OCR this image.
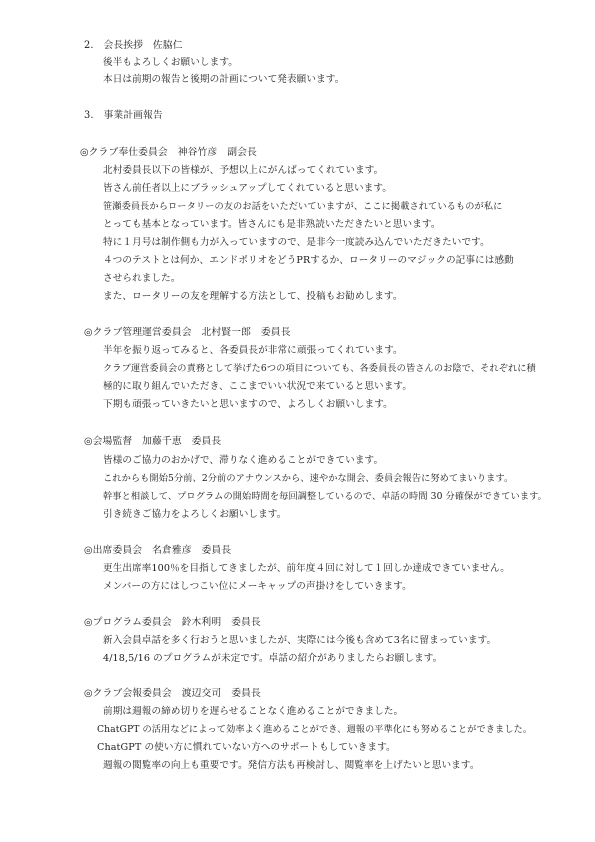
2.　会長挨拶　佐脇仁
後半もよろしくお願いします。
本日は前期の報告と後期の計画について発表願います。
3.　事業計画報告
◎クラブ奉仕委員会　神谷竹彦　副会長
北村委員長以下の皆様が、予想以上にがんばってくれています。
皆さん前任者以上にブラッシュアップしてくれていると思います。
笹瀬委員長からロータリーの友のお話をいただいていますが、ここに掲載されているものが私に
とっても基本となっています。皆さんにも是非熟読いただきたいと思います。
特に１月号は制作側も力が入っていますので、是非今一度読み込んでいただきたいです。
４つのテストとは何か、エンドポリオをどうPRするか、ロータリーのマジックの記事には感動
させられました。
また、ロータリーの友を理解する方法として、投稿もお勧めします。
◎クラブ管理運営委員会　北村賢一郎　委員長
半年を振り返ってみると、各委員長が非常に頑張ってくれています。
クラブ運営委員会の責務として挙げた6つの項目についても、各委員長の皆さんのお陰で、それぞれに積
極的に取り組んでいただき、ここまでいい状況で来ていると思います。
下期も頑張っていきたいと思いますので、よろしくお願いします。
◎会場監督　加藤千恵　委員長
皆様のご協力のおかげで、滞りなく進めることができています。
これからも開始5分前、2分前のアナウンスから、速やかな開会、委員会報告に努めてまいります。
幹事と相談して、プログラムの開始時間を毎回調整しているので、卓話の時間 30 分確保ができています。
引き続きご協力をよろしくお願いします。
◎出席委員会　名倉雅彦　委員長
更生出席率100％を目指してきましたが、前年度４回に対して１回しか達成できていません。
メンバーの方にはしつこい位にメーキャップの声掛けをしていきます。
◎プログラム委員会　鈴木利明　委員長
新入会員卓話を多く行おうと思いましたが、実際には今後も含めて3名に留まっています。
4/18,5/16 のプログラムが未定です。卓話の紹介がありましたらお願します。
◎クラブ会報委員会　渡辺交司　委員長
前期は週報の締め切りを遅らせることなく進めることができました。
ChatGPT の活用などによって効率よく進めることができ、週報の平準化にも努めることができました。
ChatGPT の使い方に慣れていない方へのサポートもしていきます。
週報の閲覧率の向上も重要です。発信方法も再検討し、閲覧率を上げたいと思います。
